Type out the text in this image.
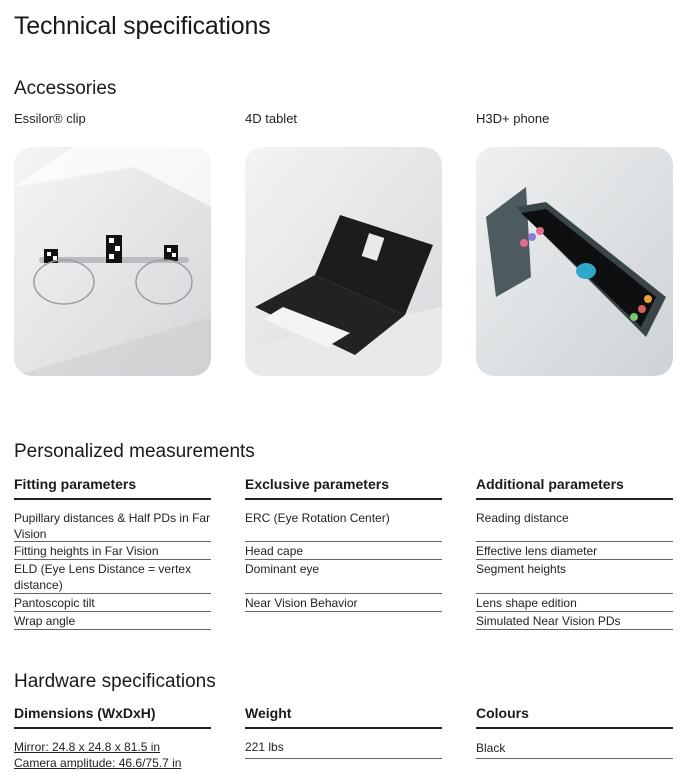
Technical specifications
Accessories
Essilor® clip	4D tablet	H3D+ phone
Personalized measurements
Fitting parameters
Pupillary distances & Half PDs in Far Vision
Fitting heights in Far Vision
ELD (Eye Lens Distance = vertex distance)
Pantoscopic tilt
Wrap angle
Exclusive parameters
ERC (Eye Rotation Center)
Head cape
Dominant eye
Near Vision Behavior
Additional parameters
Reading distance
Effective lens diameter
Segment heights
Lens shape edition
Simulated Near Vision PDs
Hardware specifications
Dimensions (WxDxH)
Mirror: 24.8 x 24.8 x 81.5 in
Camera amplitude: 46.6/75.7 in
Weight
221 lbs
Colours
Black
